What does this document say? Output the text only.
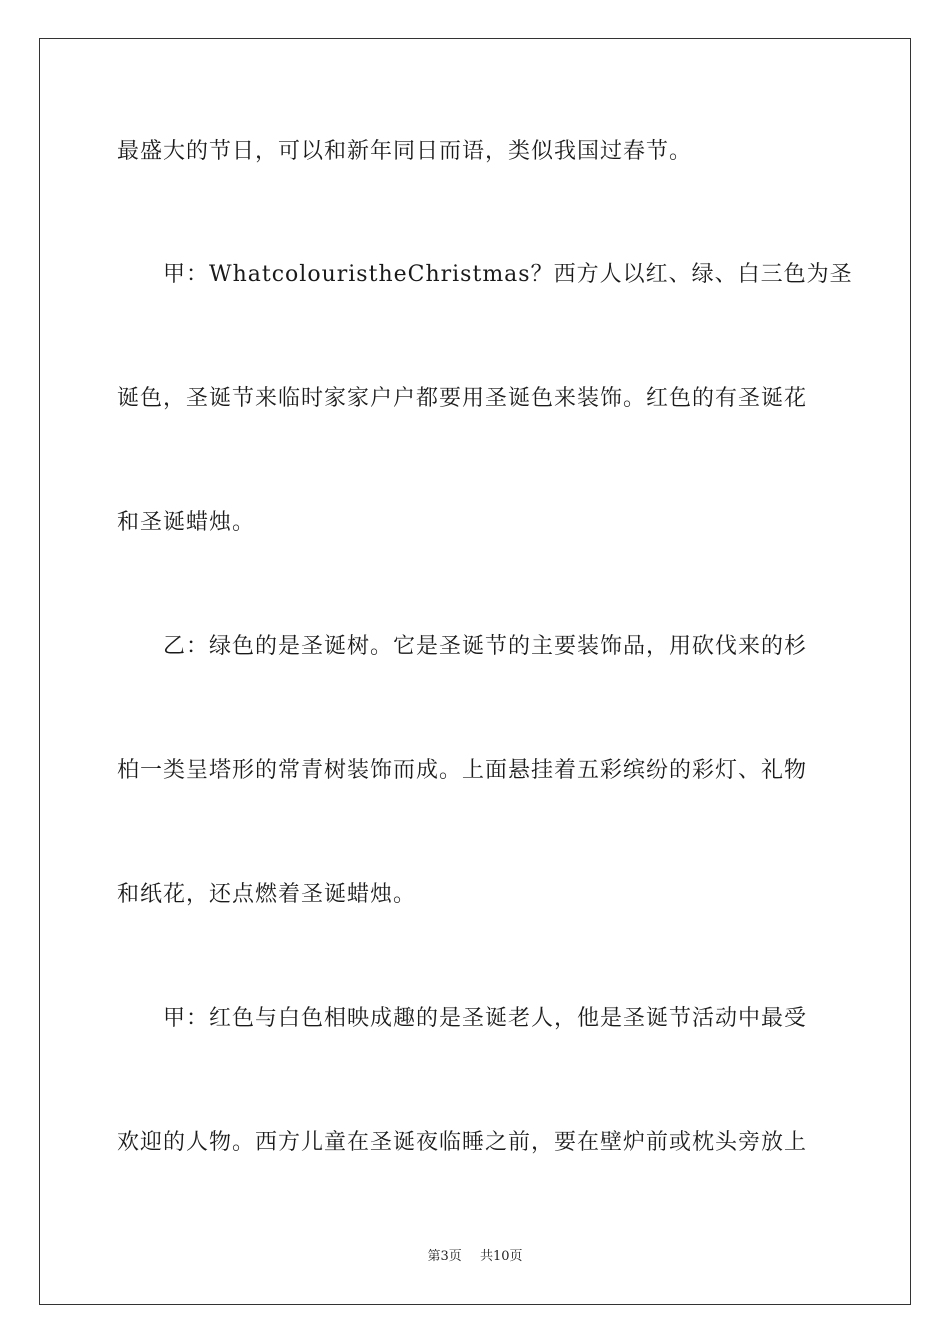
最盛大的节日，可以和新年同日而语，类似我国过春节。
甲：WhatcolouristheChristmas？西方人以红、绿、白三色为圣
诞色，圣诞节来临时家家户户都要用圣诞色来装饰。红色的有圣诞花
和圣诞蜡烛。
乙：绿色的是圣诞树。它是圣诞节的主要装饰品，用砍伐来的杉
柏一类呈塔形的常青树装饰而成。上面悬挂着五彩缤纷的彩灯、礼物
和纸花，还点燃着圣诞蜡烛。
甲：红色与白色相映成趣的是圣诞老人，他是圣诞节活动中最受
欢迎的人物。西方儿童在圣诞夜临睡之前，要在壁炉前或枕头旁放上
第3页 共10页
